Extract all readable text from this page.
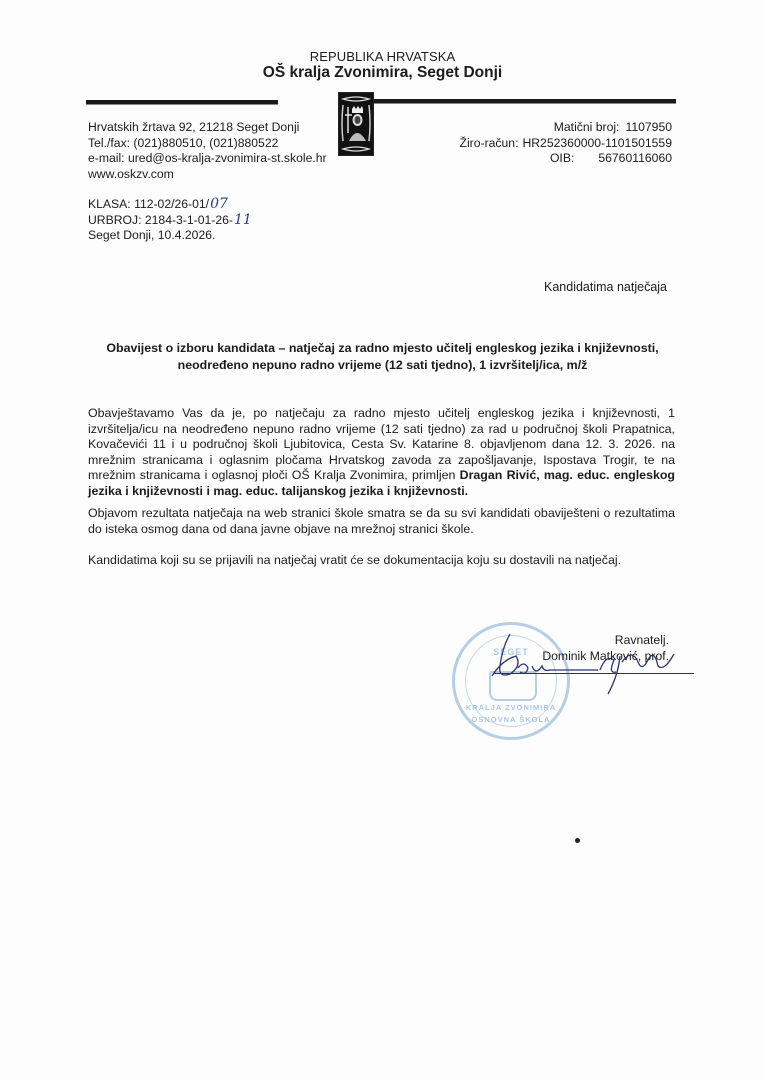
REPUBLIKA HRVATSKA
OŠ kralja Zvonimira, Seget Donji
Hrvatskih žrtava 92, 21218 Seget Donji
Tel./fax: (021)880510, (021)880522
e-mail: ured@os-kralja-zvonimira-st.skole.hr
www.oskzv.com
Matični broj: 1107950
Žiro-račun: HR252360000-1101501559
OIB: 56760116060
KLASA: 112-02/26-01/07
URBROJ: 2184-3-1-01-26-11
Seget Donji, 10.4.2026.
Kandidatima natječaja
Obavijest o izboru kandidata – natječaj za radno mjesto učitelj engleskog jezika i književnosti,
neodređeno nepuno radno vrijeme (12 sati tjedno), 1 izvršitelj/ica, m/ž
Obavještavamo Vas da je, po natječaju za radno mjesto učitelj engleskog jezika i književnosti, 1 izvršitelja/icu na neodređeno nepuno radno vrijeme (12 sati tjedno) za rad u područnoj školi Prapatnica, Kovačevići 11 i u područnoj školi Ljubitovica, Cesta Sv. Katarine 8. objavljenom dana 12. 3. 2026. na mrežnim stranicama i oglasnim pločama Hrvatskog zavoda za zapošljavanje, Ispostava Trogir, te na mrežnim stranicama i oglasnoj ploči OŠ Kralja Zvonimira, primljen Dragan Rivić, mag. educ. engleskog jezika i književnosti i mag. educ. talijanskog jezika i književnosti.
Objavom rezultata natječaja na web stranici škole smatra se da su svi kandidati obaviješteni o rezultatima do isteka osmog dana od dana javne objave na mrežnoj stranici škole.
Kandidatima koji su se prijavili na natječaj vratit će se dokumentacija koju su dostavili na natječaj.
SEGET
KRALJA ZVONIMIRA
OSNOVNA ŠKOLA
Ravnatelj.
Dominik Matković, prof.
